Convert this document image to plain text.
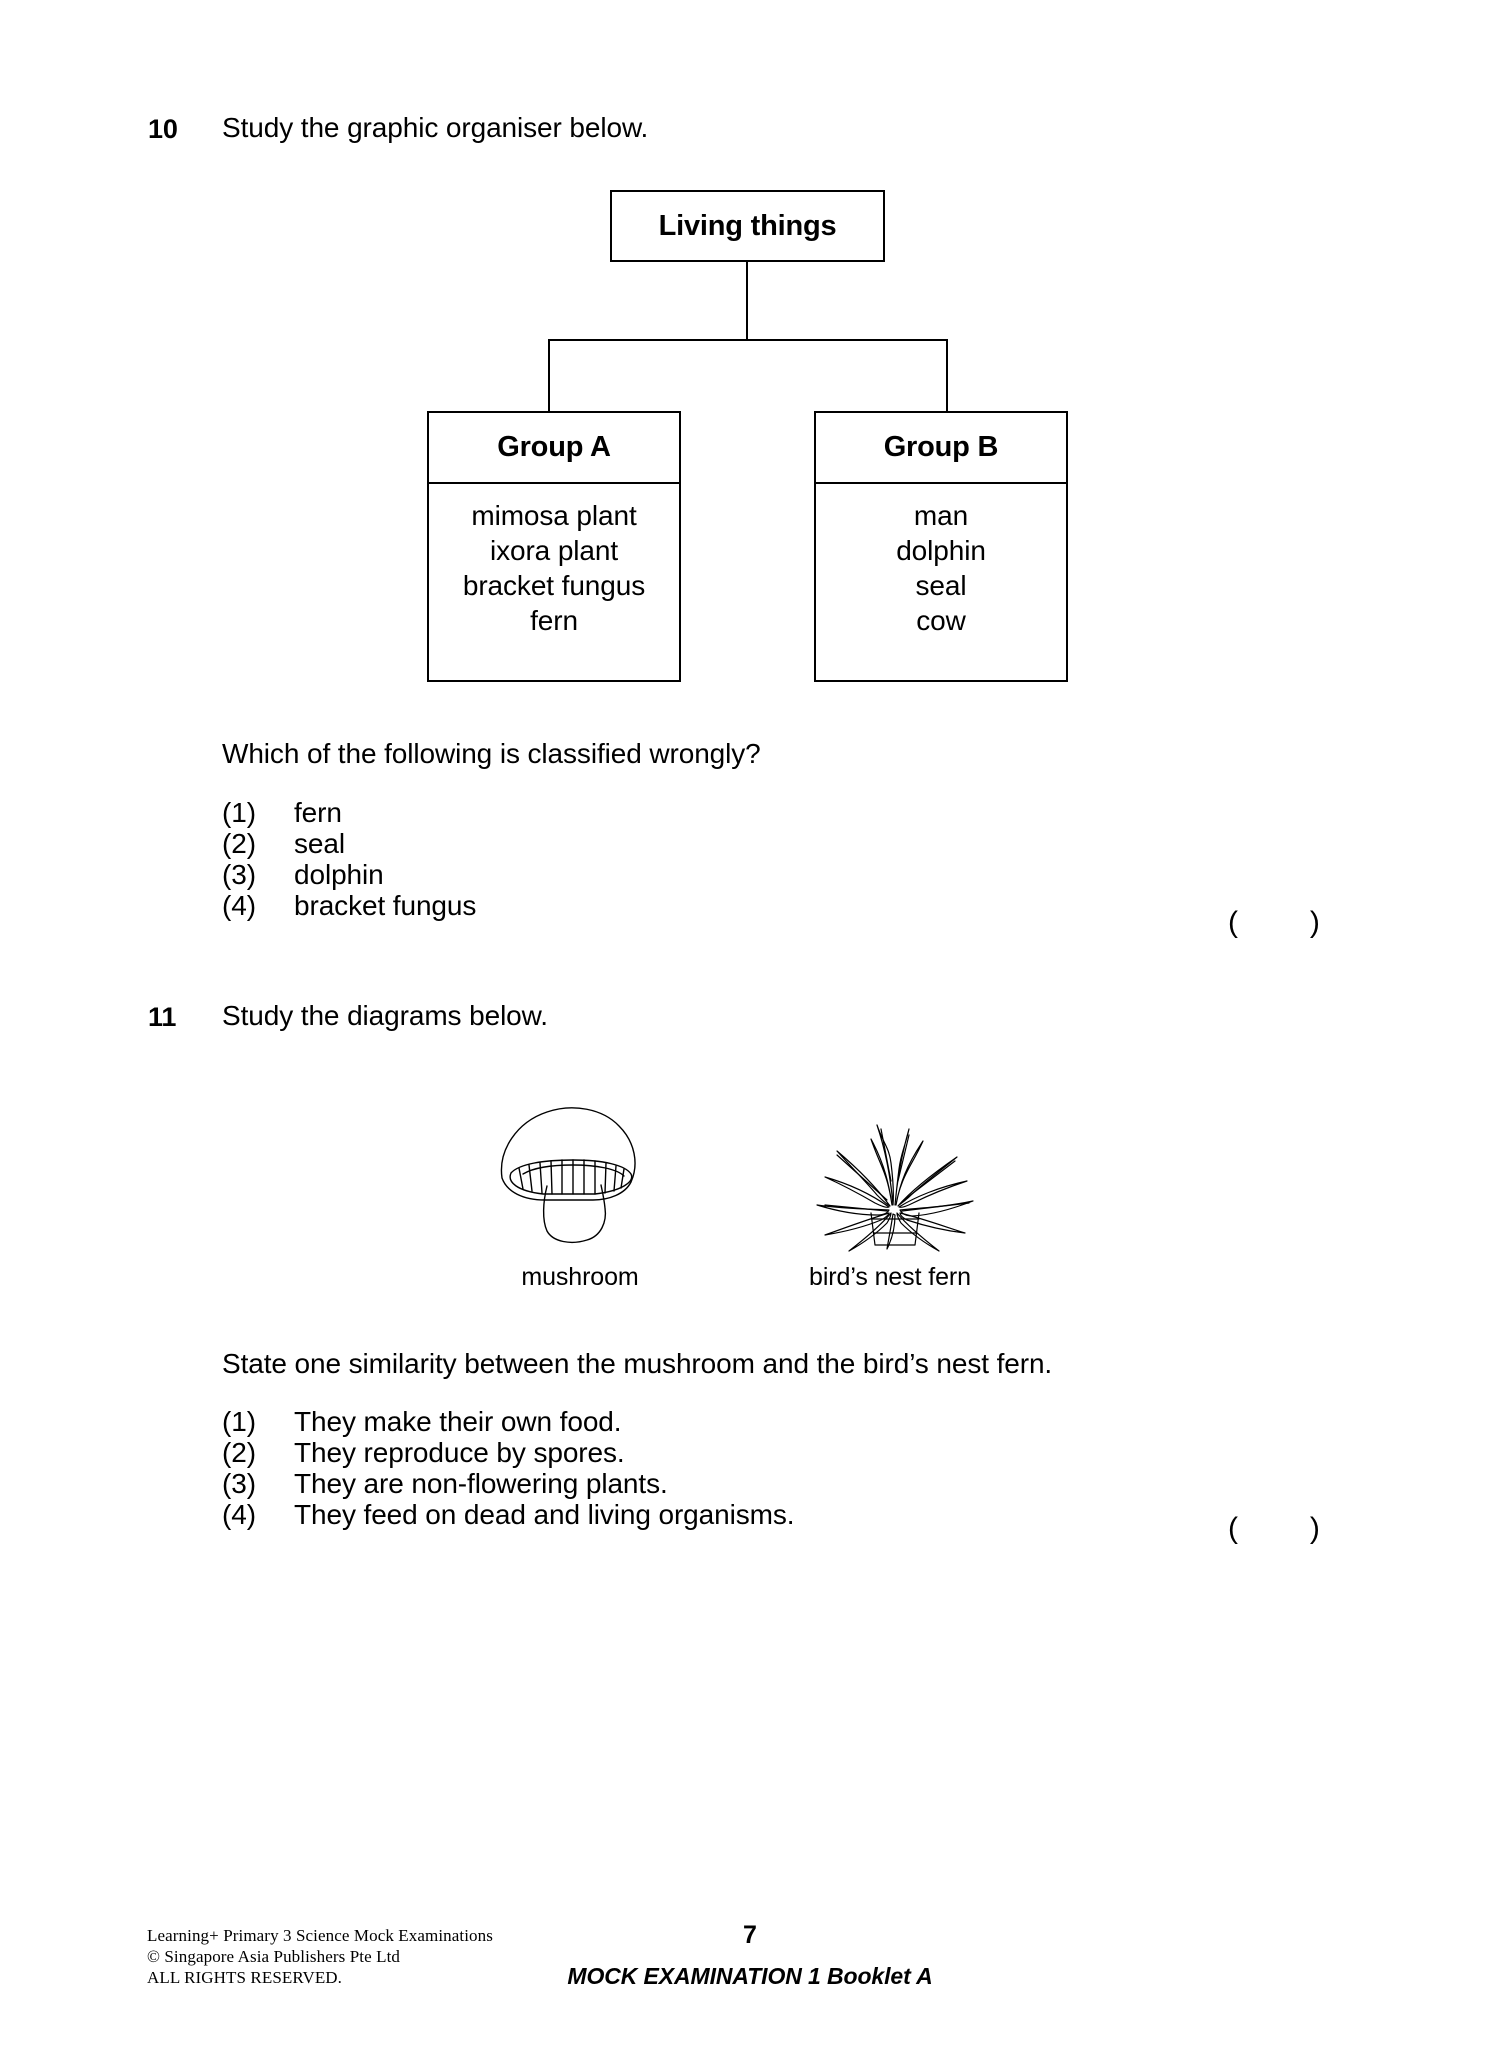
10 Study the graphic organiser below.
Living things
Group A
mimosa plant
ixora plant
bracket fungus
fern
Group B
man
dolphin
seal
cow
Which of the following is classified wrongly?
(1)	fern
(2)	seal
(3)	dolphin
(4)	bracket fungus
( )
11 Study the diagrams below.
mushroom	bird’s nest fern
State one similarity between the mushroom and the bird’s nest fern.
(1)	They make their own food.
(2)	They reproduce by spores.
(3)	They are non-flowering plants.
(4)	They feed on dead and living organisms.	( )
Learning+ Primary 3 Science Mock Examinations
© Singapore Asia Publishers Pte Ltd
ALL RIGHTS RESERVED.
7
MOCK EXAMINATION 1 Booklet A
